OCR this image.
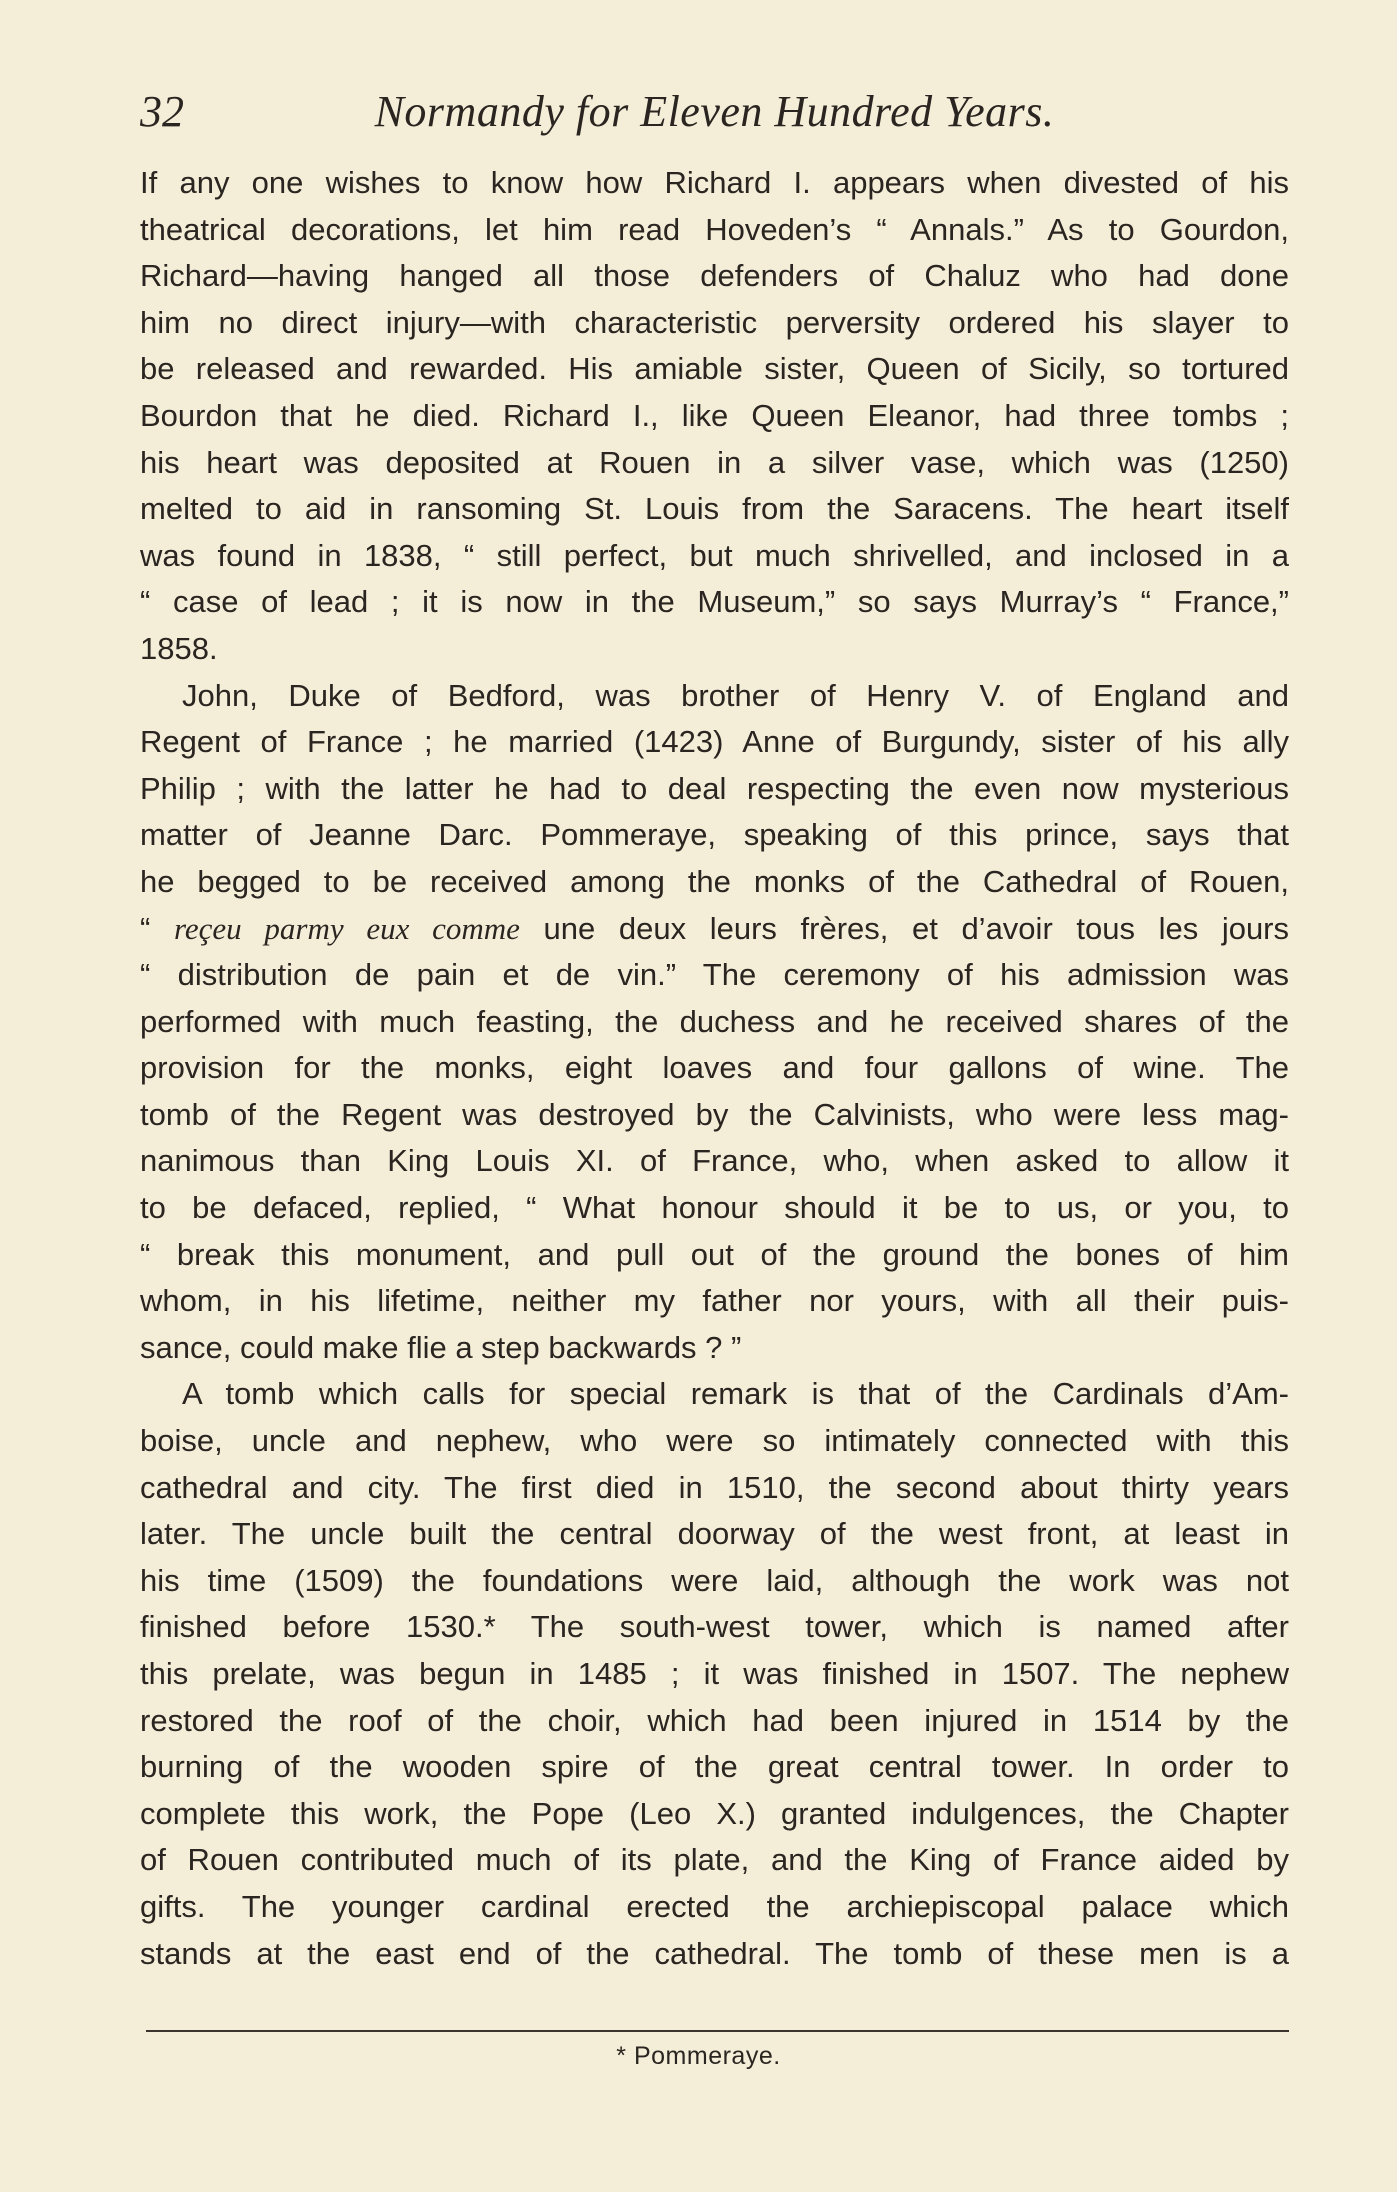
32	Normandy for Eleven Hundred Years.
If any one wishes to know how Richard I. appears when divested of his
theatrical decorations, let him read Hoveden’s “ Annals.” As to Gourdon,
Richard—having hanged all those defenders of Chaluz who had done
him no direct injury—with characteristic perversity ordered his slayer to
be released and rewarded. His amiable sister, Queen of Sicily, so tortured
Bourdon that he died. Richard I., like Queen Eleanor, had three tombs ;
his heart was deposited at Rouen in a silver vase, which was (1250)
melted to aid in ransoming St. Louis from the Saracens. The heart itself
was found in 1838, “ still perfect, but much shrivelled, and inclosed in a
“ case of lead ; it is now in the Museum,” so says Murray’s “ France,”
1858.
John, Duke of Bedford, was brother of Henry V. of England and
Regent of France ; he married (1423) Anne of Burgundy, sister of his ally
Philip ; with the latter he had to deal respecting the even now mysterious
matter of Jeanne Darc. Pommeraye, speaking of this prince, says that
he begged to be received among the monks of the Cathedral of Rouen,
“ reçeu parmy eux comme une deux leurs frères, et d’avoir tous les jours
“ distribution de pain et de vin.” The ceremony of his admission was
performed with much feasting, the duchess and he received shares of the
provision for the monks, eight loaves and four gallons of wine. The
tomb of the Regent was destroyed by the Calvinists, who were less mag-
nanimous than King Louis XI. of France, who, when asked to allow it
to be defaced, replied, “ What honour should it be to us, or you, to
“ break this monument, and pull out of the ground the bones of him
whom, in his lifetime, neither my father nor yours, with all their puis-
sance, could make flie a step backwards ? ”
A tomb which calls for special remark is that of the Cardinals d’Am-
boise, uncle and nephew, who were so intimately connected with this
cathedral and city. The first died in 1510, the second about thirty years
later. The uncle built the central doorway of the west front, at least in
his time (1509) the foundations were laid, although the work was not
finished before 1530.* The south-west tower, which is named after
this prelate, was begun in 1485 ; it was finished in 1507. The nephew
restored the roof of the choir, which had been injured in 1514 by the
burning of the wooden spire of the great central tower. In order to
complete this work, the Pope (Leo X.) granted indulgences, the Chapter
of Rouen contributed much of its plate, and the King of France aided by
gifts. The younger cardinal erected the archiepiscopal palace which
stands at the east end of the cathedral. The tomb of these men is a
* Pommeraye.
